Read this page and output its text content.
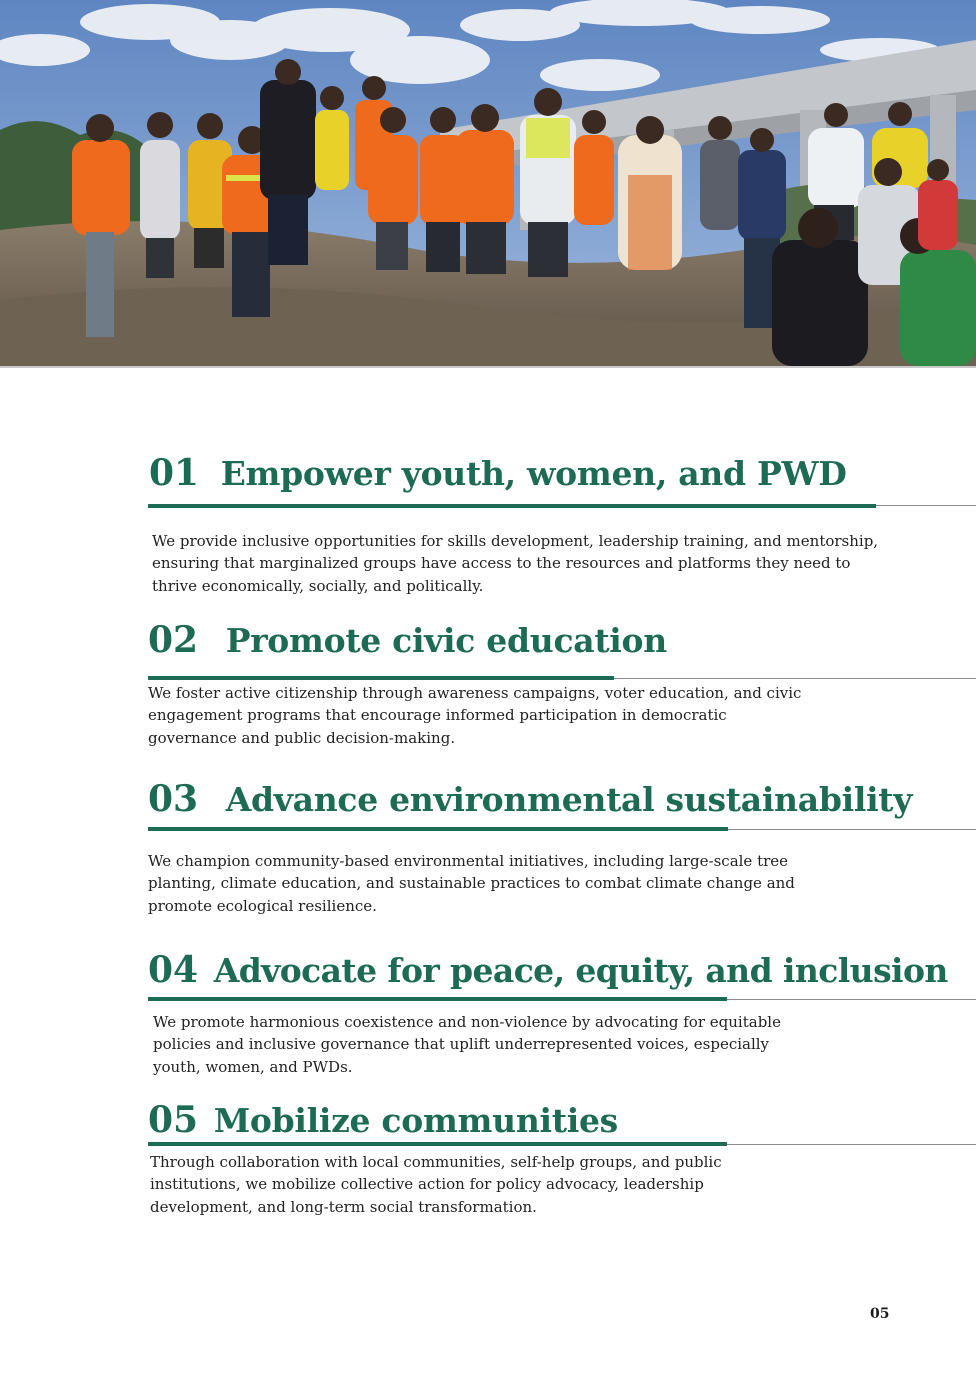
01 Empower youth, women, and PWD

We provide inclusive opportunities for skills development, leadership training, and mentorship, ensuring that marginalized groups have access to the resources and platforms they need to thrive economically, socially, and politically.

02 Promote civic education

We foster active citizenship through awareness campaigns, voter education, and civic engagement programs that encourage informed participation in democratic governance and public decision-making.

03 Advance environmental sustainability

We champion community-based environmental initiatives, including large-scale tree planting, climate education, and sustainable practices to combat climate change and promote ecological resilience.

04 Advocate for peace, equity, and inclusion

We promote harmonious coexistence and non-violence by advocating for equitable policies and inclusive governance that uplift underrepresented voices, especially youth, women, and PWDs.

05 Mobilize communities

Through collaboration with local communities, self-help groups, and public institutions, we mobilize collective action for policy advocacy, leadership development, and long-term social transformation.

05
